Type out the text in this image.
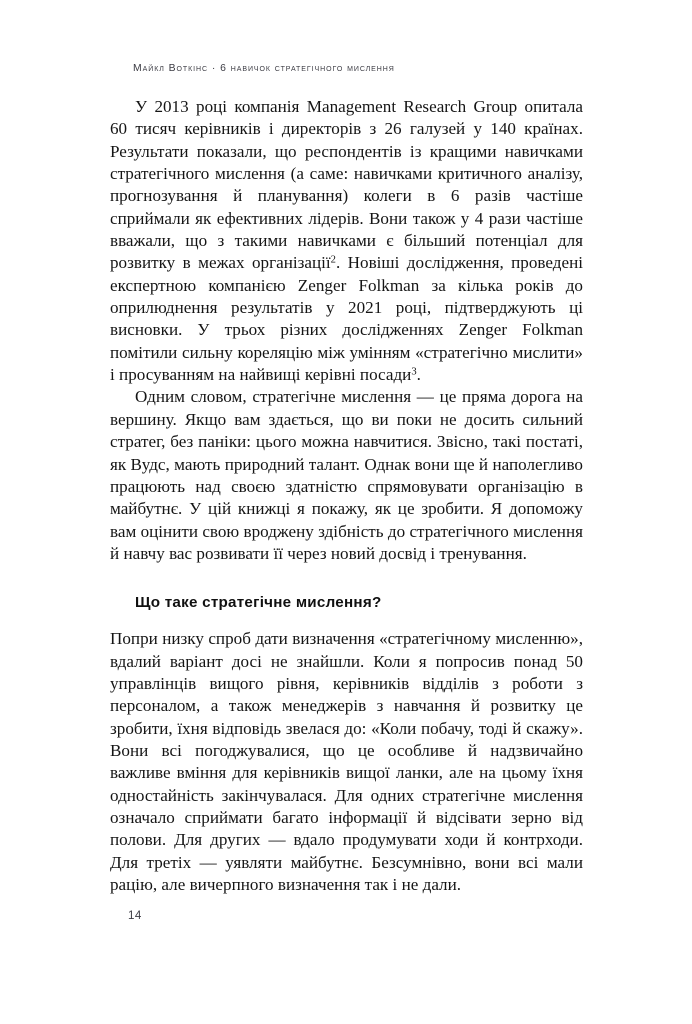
Майкл Воткінс · 6 навичок стратегічного мислення

У 2013 році компанія Management Research Group опитала 60 тисяч керівників і директорів з 26 галузей у 140 країнах. Результати показали, що респондентів із кращими навичками стратегічного мислення (а саме: навичками критичного аналізу, прогнозування й планування) колеги в 6 разів частіше сприймали як ефективних лідерів. Вони також у 4 рази частіше вважали, що з такими навичками є більший потенціал для розвитку в межах організації$^2$. Новіші дослідження, проведені експертною компанією Zenger Folkman за кілька років до оприлюднення результатів у 2021 році, підтверджують ці висновки. У трьох різних дослідженнях Zenger Folkman помітили сильну кореляцію між умінням «стратегічно мислити» і просуванням на найвищі керівні посади$^3$.

Одним словом, стратегічне мислення — це пряма дорога на вершину. Якщо вам здається, що ви поки не досить сильний стратег, без паніки: цього можна навчитися. Звісно, такі постаті, як Вудс, мають природний талант. Однак вони ще й наполегливо працюють над своєю здатністю спрямовувати організацію в майбутнє. У цій книжці я покажу, як це зробити. Я допоможу вам оцінити свою вроджену здібність до стратегічного мислення й навчу вас розвивати її через новий досвід і тренування.

Що таке стратегічне мислення?

Попри низку спроб дати визначення «стратегічному мисленню», вдалий варіант досі не знайшли. Коли я попросив понад 50 управлінців вищого рівня, керівників відділів з роботи з персоналом, а також менеджерів з навчання й розвитку це зробити, їхня відповідь звелася до: «Коли побачу, тоді й скажу». Вони всі погоджувалися, що це особливе й надзвичайно важливе вміння для керівників вищої ланки, але на цьому їхня одностайність закінчувалася. Для одних стратегічне мислення означало сприймати багато інформації й відсівати зерно від полови. Для других — вдало продумувати ходи й контрходи. Для третіх — уявляти майбутнє. Безсумнівно, вони всі мали рацію, але вичерпного визначення так і не дали.

14
